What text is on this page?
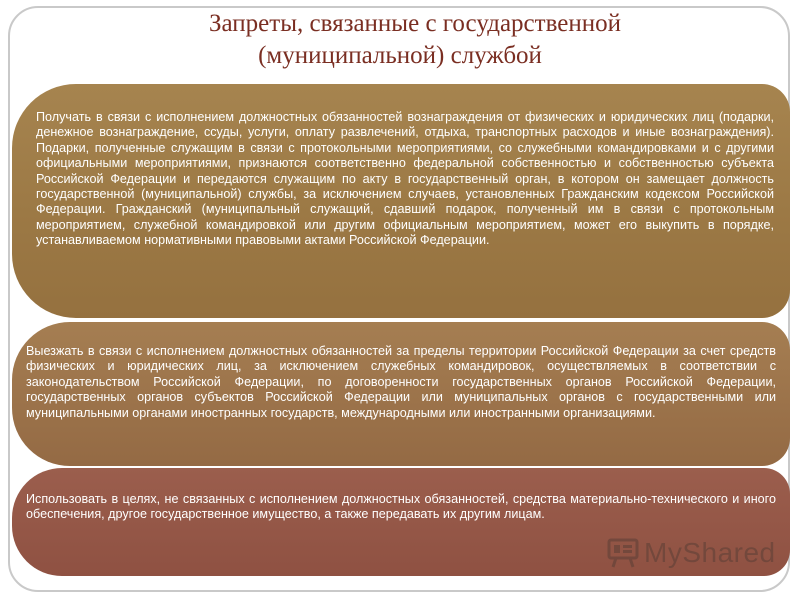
Запреты, связанные с государственной
(муниципальной) службой
Получать в связи с исполнением должностных обязанностей вознаграждения от физических и юридических лиц (подарки, денежное вознаграждение, ссуды, услуги, оплату развлечений, отдыха, транспортных расходов и иные вознаграждения). Подарки, полученные служащим в связи с протокольными мероприятиями, со служебными командировками и с другими официальными мероприятиями, признаются соответственно федеральной собственностью и собственностью субъекта Российской Федерации и передаются служащим по акту в государственный орган, в котором он замещает должность государственной (муниципальной) службы, за исключением случаев, установленных Гражданским кодексом Российской Федерации. Гражданский (муниципальный служащий, сдавший подарок, полученный им в связи с протокольным мероприятием, служебной командировкой или другим официальным мероприятием, может его выкупить в порядке, устанавливаемом нормативными правовыми актами Российской Федерации.
Выезжать в связи с исполнением должностных обязанностей за пределы территории Российской Федерации за счет средств физических и юридических лиц, за исключением служебных командировок, осуществляемых в соответствии с законодательством Российской Федерации, по договоренности государственных органов Российской Федерации, государственных органов субъектов Российской Федерации или муниципальных органов с государственными или муниципальными органами иностранных государств, международными или иностранными организациями.
Использовать в целях, не связанных с исполнением должностных обязанностей, средства материально-технического и иного обеспечения, другое государственное имущество, а также передавать их другим лицам.
MyShared
